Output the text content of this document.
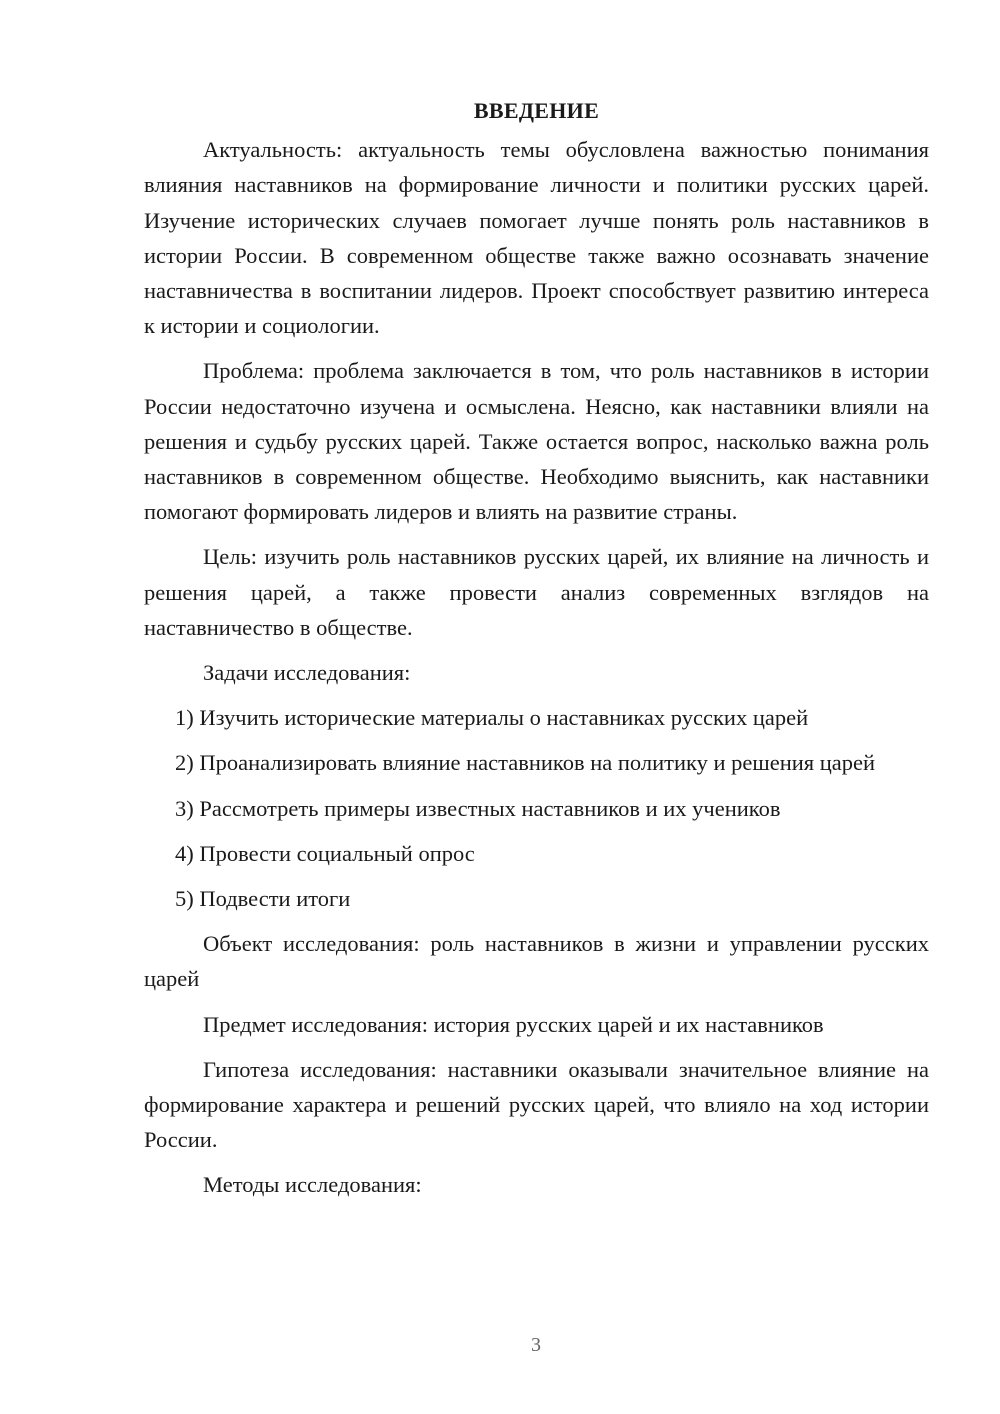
ВВЕДЕНИЕ

Актуальность: актуальность темы обусловлена важностью понимания влияния наставников на формирование личности и политики русских царей. Изучение исторических случаев помогает лучше понять роль наставников в истории России. В современном обществе также важно осознавать значение наставничества в воспитании лидеров. Проект способствует развитию интереса к истории и социологии.

Проблема: проблема заключается в том, что роль наставников в истории России недостаточно изучена и осмыслена. Неясно, как наставники влияли на решения и судьбу русских царей. Также остается вопрос, насколько важна роль наставников в современном обществе. Необходимо выяснить, как наставники помогают формировать лидеров и влиять на развитие страны.

Цель: изучить роль наставников русских царей, их влияние на личность и решения царей, а также провести анализ современных взглядов на наставничество в обществе.

Задачи исследования:

1) Изучить исторические материалы о наставниках русских царей

2) Проанализировать влияние наставников на политику и решения царей

3) Рассмотреть примеры известных наставников и их учеников

4) Провести социальный опрос

5) Подвести итоги

Объект исследования: роль наставников в жизни и управлении русских царей

Предмет исследования: история русских царей и их наставников

Гипотеза исследования: наставники оказывали значительное влияние на формирование характера и решений русских царей, что влияло на ход истории России.

Методы исследования:

3
